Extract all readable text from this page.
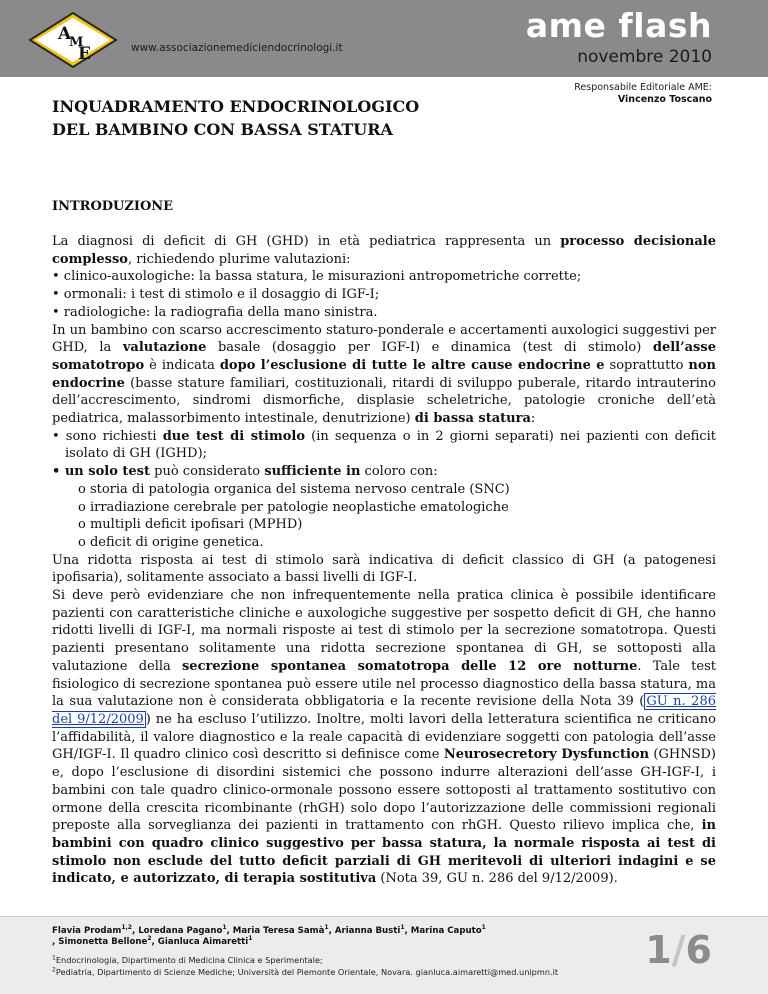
A
M
E	www.associazionemediciendocrinologi.it
ame flash
novembre 2010
Responsabile Editoriale AME:
Vincenzo Toscano
INQUADRAMENTO ENDOCRINOLOGICO
DEL BAMBINO CON BASSA STATURA
INTRODUZIONE

La diagnosi di deficit di GH (GHD) in età pediatrica rappresenta un processo decisionale complesso, richiedendo plurime valutazioni:

• clinico-auxologiche: la bassa statura, le misurazioni antropometriche corrette;

• ormonali: i test di stimolo e il dosaggio di IGF-I;

• radiologiche: la radiografia della mano sinistra.

In un bambino con scarso accrescimento staturo-ponderale e accertamenti auxologici suggestivi per GHD, la valutazione basale (dosaggio per IGF-I) e dinamica (test di stimolo) dell’asse somatotropo è indicata dopo l’esclusione di tutte le altre cause endocrine e soprattutto non endocrine (basse stature familiari, costituzionali, ritardi di sviluppo puberale, ritardo intrauterino dell’accrescimento, sindromi dismorfiche, displasie scheletriche, patologie croniche dell’età pediatrica, malassorbimento intestinale, denutrizione) di bassa statura:

• sono richiesti due test di stimolo (in sequenza o in 2 giorni separati) nei pazienti con deficit isolato di GH (IGHD);

• un solo test può considerato sufficiente in coloro con:

o storia di patologia organica del sistema nervoso centrale (SNC)

o irradiazione cerebrale per patologie neoplastiche ematologiche

o multipli deficit ipofisari (MPHD)

o deficit di origine genetica.

Una ridotta risposta ai test di stimolo sarà indicativa di deficit classico di GH (a patogenesi ipofisaria), solitamente associato a bassi livelli di IGF-I.

Si deve però evidenziare che non infrequentemente nella pratica clinica è possibile identificare pazienti con caratteristiche cliniche e auxologiche suggestive per sospetto deficit di GH, che hanno ridotti livelli di IGF-I, ma normali risposte ai test di stimolo per la secrezione somatotropa. Questi pazienti presentano solitamente una ridotta secrezione spontanea di GH, se sottoposti alla valutazione della secrezione spontanea somatotropa delle 12 ore notturne. Tale test fisiologico di secrezione spontanea può essere utile nel processo diagnostico della bassa statura, ma la sua valutazione non è considerata obbligatoria e la recente revisione della Nota 39 ( GU n. 286 del 9/12/2009 ) ne ha escluso l’utilizzo. Inoltre, molti lavori della letteratura scientifica ne criticano l’affidabilità, il valore diagnostico e la reale capacità di evidenziare soggetti con patologia dell’asse GH/IGF-I. Il quadro clinico così descritto si definisce come Neurosecretory Dysfunction (GHNSD) e, dopo l’esclusione di disordini sistemici che possono indurre alterazioni dell’asse GH-IGF-I, i bambini con tale quadro clinico-ormonale possono essere sottoposti al trattamento sostitutivo con ormone della crescita ricombinante (rhGH) solo dopo l’autorizzazione delle commissioni regionali preposte alla sorveglianza dei pazienti in trattamento con rhGH. Questo rilievo implica che, in bambini con quadro clinico suggestivo per bassa statura, la normale risposta ai test di stimolo non esclude del tutto deficit parziali di GH meritevoli di ulteriori indagini e se indicato, e autorizzato, di terapia sostitutiva (Nota 39, GU n. 286 del 9/12/2009).

Flavia Prodam$^{1,2}$, Loredana Pagano$^1$, Maria Teresa Samà$^1$, Arianna Busti$^1$, Marina Caputo$^1$
, Simonetta Bellone$^2$, Gianluca Aimaretti$^1$
$^1$Endocrinologia, Dipartimento di Medicina Clinica e Sperimentale;
$^2$Pediatria, Dipartimento di Scienze Mediche; Università del Piemonte Orientale, Novara. gianluca.aimaretti@med.unipmn.it	1/6
